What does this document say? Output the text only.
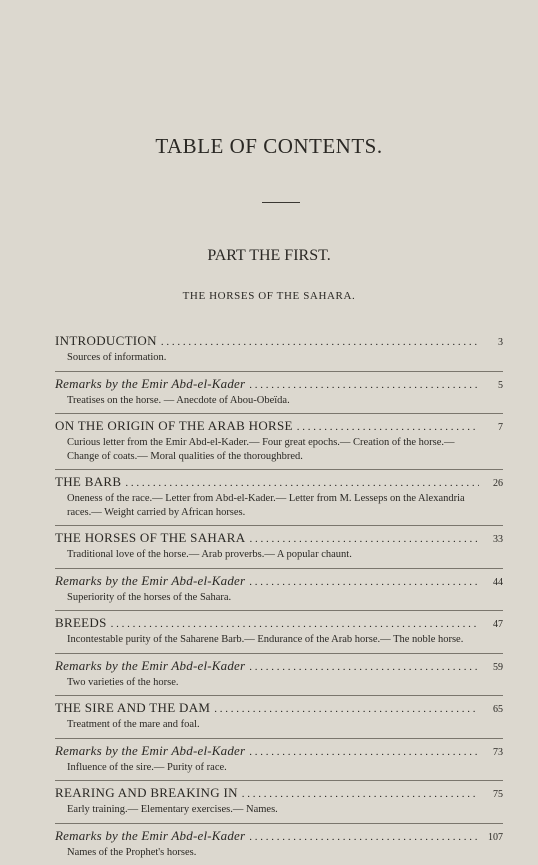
TABLE OF CONTENTS.
PART THE FIRST.
THE HORSES OF THE SAHARA.
INTRODUCTION . . .	3
Sources of information.
Remarks by the Emir Abd-el-Kader . . .	5
Treatises on the horse. — Anecdote of Abou-Obeïda.
ON THE ORIGIN OF THE ARAB HORSE . . .	7
Curious letter from the Emir Abd-el-Kader.— Four great epochs.— Creation of the horse.— Change of coats.— Moral qualities of the thoroughbred.
THE BARB . . .	26
Oneness of the race.— Letter from Abd-el-Kader.— Letter from M. Lesseps on the Alexandria races.— Weight carried by African horses.
THE HORSES OF THE SAHARA . . .	33
Traditional love of the horse.— Arab proverbs.— A popular chaunt.
Remarks by the Emir Abd-el-Kader . . .	44
Superiority of the horses of the Sahara.
BREEDS . . .	47
Incontestable purity of the Saharene Barb.— Endurance of the Arab horse.— The noble horse.
Remarks by the Emir Abd-el-Kader . . .	59
Two varieties of the horse.
THE SIRE AND THE DAM . . .	65
Treatment of the mare and foal.
Remarks by the Emir Abd-el-Kader . . .	73
Influence of the sire.— Purity of race.
REARING AND BREAKING IN . . .	75
Early training.— Elementary exercises.— Names.
Remarks by the Emir Abd-el-Kader . . .	107
Names of the Prophet's horses.
